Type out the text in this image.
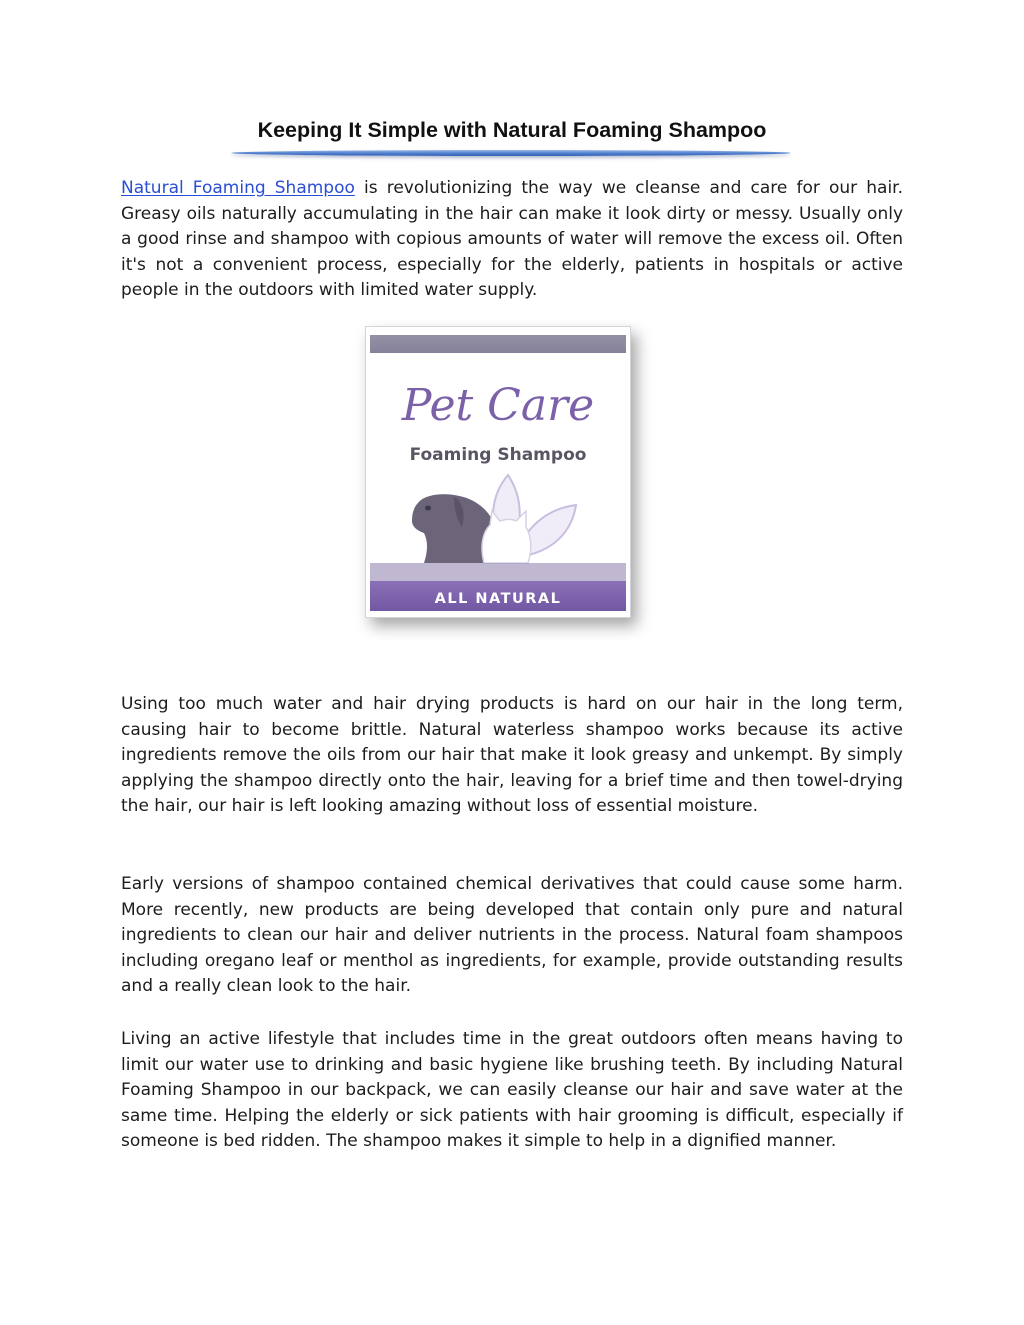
Keeping It Simple with Natural Foaming Shampoo

Natural Foaming Shampoo is revolutionizing the way we cleanse and care for our hair. Greasy oils naturally accumulating in the hair can make it look dirty or messy. Usually only a good rinse and shampoo with copious amounts of water will remove the excess oil. Often it's not a convenient process, especially for the elderly, patients in hospitals or active people in the outdoors with limited water supply.

Pet Care
Foaming Shampoo
ALL NATURAL

Using too much water and hair drying products is hard on our hair in the long term, causing hair to become brittle. Natural waterless shampoo works because its active ingredients remove the oils from our hair that make it look greasy and unkempt. By simply applying the shampoo directly onto the hair, leaving for a brief time and then towel-drying the hair, our hair is left looking amazing without loss of essential moisture.

Early versions of shampoo contained chemical derivatives that could cause some harm. More recently, new products are being developed that contain only pure and natural ingredients to clean our hair and deliver nutrients in the process. Natural foam shampoos including oregano leaf or menthol as ingredients, for example, provide outstanding results and a really clean look to the hair.

Living an active lifestyle that includes time in the great outdoors often means having to limit our water use to drinking and basic hygiene like brushing teeth. By including Natural Foaming Shampoo in our backpack, we can easily cleanse our hair and save water at the same time. Helping the elderly or sick patients with hair grooming is difficult, especially if someone is bed ridden. The shampoo makes it simple to help in a dignified manner.
